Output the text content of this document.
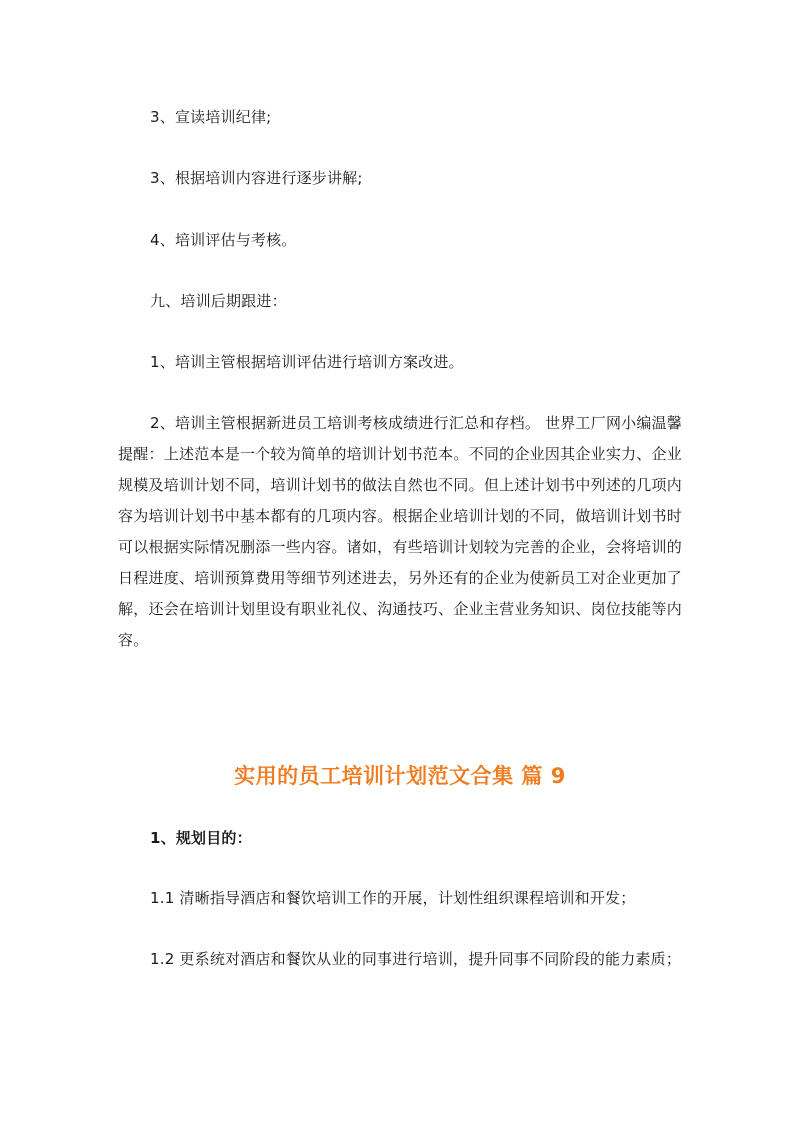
3、宣读培训纪律;

3、根据培训内容进行逐步讲解;

4、培训评估与考核。

九、培训后期跟进：

1、培训主管根据培训评估进行培训方案改进。

2、培训主管根据新进员工培训考核成绩进行汇总和存档。 世界工厂网小编温馨提醒：上述范本是一个较为简单的培训计划书范本。不同的企业因其企业实力、企业规模及培训计划不同，培训计划书的做法自然也不同。但上述计划书中列述的几项内容为培训计划书中基本都有的几项内容。根据企业培训计划的不同，做培训计划书时可以根据实际情况删添一些内容。诸如，有些培训计划较为完善的企业，会将培训的日程进度、培训预算费用等细节列述进去，另外还有的企业为使新员工对企业更加了解，还会在培训计划里设有职业礼仪、沟通技巧、企业主营业务知识、岗位技能等内容。

实用的员工培训计划范文合集 篇 9

1、规划目的：

1.1 清晰指导酒店和餐饮培训工作的开展，计划性组织课程培训和开发；

1.2 更系统对酒店和餐饮从业的同事进行培训，提升同事不同阶段的能力素质；
